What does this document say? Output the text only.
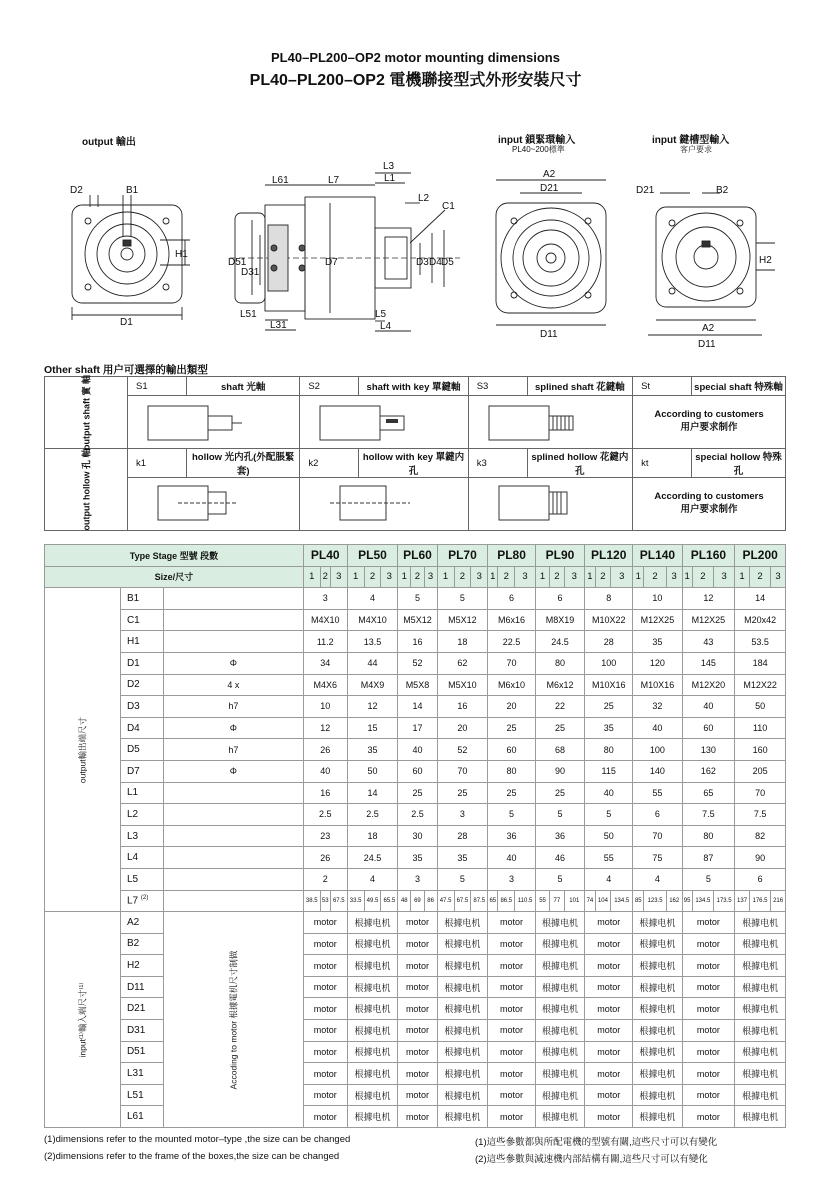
PL40–PL200–OP2 motor mounting dimensions
PL40–PL200–OP2 電機聯接型式外形安裝尺寸
output 輸出	input 鎖緊環輸入
PL40~200標準
input 鍵槽型輸入
客户要求
D2	B1
H1
D1
L61	L7
L3
L1
L2
C1
D51
D31
D7	D3 D4 D5
L51
L31
L5
L4
A2
D21
D11
D21	B2
H2
A2
D11
Other shaft 用户可選擇的輸出類型
output shaft 實 軸	S1	shaft 光軸	S2	shaft with key 單鍵軸	S3	splined shaft 花鍵軸	St	special shaft 特殊軸

According to customers
用户要求制作	

output hollow 孔 軸	k1	hollow 光内孔(外配脹緊套)	k2	hollow with key 單鍵内孔	k3	splined hollow 花鍵内孔	kt	special hollow 特殊孔

According to customers
用户要求制作	
Type Stage 型號 段數			PL40			PL50			PL60			PL70			PL80			PL90			PL120			PL140			PL160			PL200		
Size/尺寸			1	2	3	1	2	3	1	2	3	1	2	3	1	2	3	1	2	3	1	2	3	1	2	3	1	2	3	1	2	3

output輸出端尺寸	B1		3			4			5			5			6			6			8			10			12			14		
	C1		M4X10			M4X10			M5X12			M5X12			M6x16			M8X19			M10X22			M12X25			M12X25			M20x42		
	H1		11.2			13.5			16			18			22.5			24.5			28			35			43			53.5		
	D1	Φ	34			44			52			62			70			80			100			120			145			184		
	D2	4 x	M4X6			M4X9			M5X8			M5X10			M6x10			M6x12			M10X16			M10X16			M12X20			M12X22		
	D3	h7	10			12			14			16			20			22			25			32			40			50		
	D4	Φ	12			15			17			20			25			25			35			40			60			110		
	D5	h7	26			35			40			52			60			68			80			100			130			160		
	D7	Φ	40			50			60			70			80			90			115			140			162			205		
	L1		16			14			25			25			25			25			40			55			65			70		
	L2		2.5			2.5			2.5			3			5			5			5			6			7.5			7.5		
	L3		23			18			30			28			36			36			50			70			80			82		
	L4		26			24.5			35			35			40			46			55			75			87			90		
	L5		2			4			3			5			3			5			4			4			5			6		
	L7 $^{(2)}$		38.5	53	67.5	33.5	49.5	65.5	48	69	86	47.5	67.5	87.5	65	86.5	110.5	55	77	101	74	104	134.5	85	123.5	162	95	134.5	173.5	137	176.5	216

input⁽¹⁾輸入端尺寸⁽¹⁾	A2	Accoding to motor 根據電机尺寸制做	motor			根據电机			motor			根據电机			motor			根據电机			motor			根據电机			motor			根據电机		
	B2		motor			根據电机			motor			根據电机			motor			根據电机			motor			根據电机			motor			根據电机		
	H2		motor			根據电机			motor			根據电机			motor			根據电机			motor			根據电机			motor			根據电机		
	D11		motor			根據电机			motor			根據电机			motor			根據电机			motor			根據电机			motor			根據电机		
	D21		motor			根據电机			motor			根據电机			motor			根據电机			motor			根據电机			motor			根據电机		
	D31		motor			根據电机			motor			根據电机			motor			根據电机			motor			根據电机			motor			根據电机		
	D51		motor			根據电机			motor			根據电机			motor			根據电机			motor			根據电机			motor			根據电机		
	L31		motor			根據电机			motor			根據电机			motor			根據电机			motor			根據电机			motor			根據电机		
	L51		motor			根據电机			motor			根據电机			motor			根據电机			motor			根據电机			motor			根據电机		
	L61		motor			根據电机			motor			根據电机			motor			根據电机			motor			根據电机			motor			根據电机		
(1)dimensions refer to the mounted motor–type ,the size can be changed
(2)dimensions refer to the frame of the boxes,the size can be changed
(1)這些參數都與所配電機的型號有關,這些尺寸可以有變化
(2)這些參數與減速機内部結構有關,這些尺寸可以有變化
